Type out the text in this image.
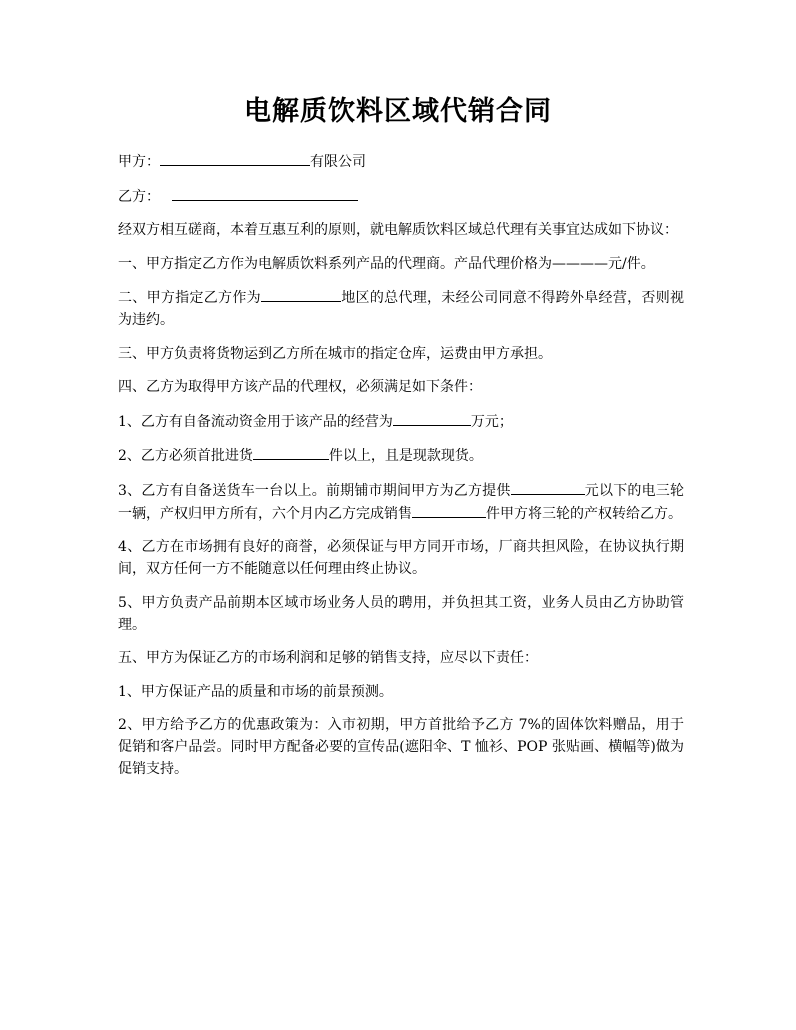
电解质饮料区域代销合同

甲方：	有限公司

乙方：

经双方相互磋商，本着互惠互利的原则，就电解质饮料区域总代理有关事宜达成如下协议：

一、甲方指定乙方作为电解质饮料系列产品的代理商。产品代理价格为————元/件。

二、甲方指定乙方作为	地区的总代理，未经公司同意不得跨外阜经营，否则视为违约。

三、甲方负责将货物运到乙方所在城市的指定仓库，运费由甲方承担。

四、乙方为取得甲方该产品的代理权，必须满足如下条件：

1、乙方有自备流动资金用于该产品的经营为	万元；

2、乙方必须首批进货	件以上，且是现款现货。

3、乙方有自备送货车一台以上。前期铺市期间甲方为乙方提供	元以下的电三轮一辆，产权归甲方所有，六个月内乙方完成销售	件甲方将三轮的产权转给乙方。

4、乙方在市场拥有良好的商誉，必须保证与甲方同开市场，厂商共担风险，在协议执行期间，双方任何一方不能随意以任何理由终止协议。

5、甲方负责产品前期本区域市场业务人员的聘用，并负担其工资，业务人员由乙方协助管理。

五、甲方为保证乙方的市场利润和足够的销售支持，应尽以下责任：

1、甲方保证产品的质量和市场的前景预测。

2、甲方给予乙方的优惠政策为：入市初期，甲方首批给予乙方 7%的固体饮料赠品，用于促销和客户品尝。同时甲方配备必要的宣传品(遮阳伞、T 恤衫、POP 张贴画、横幅等)做为促销支持。
